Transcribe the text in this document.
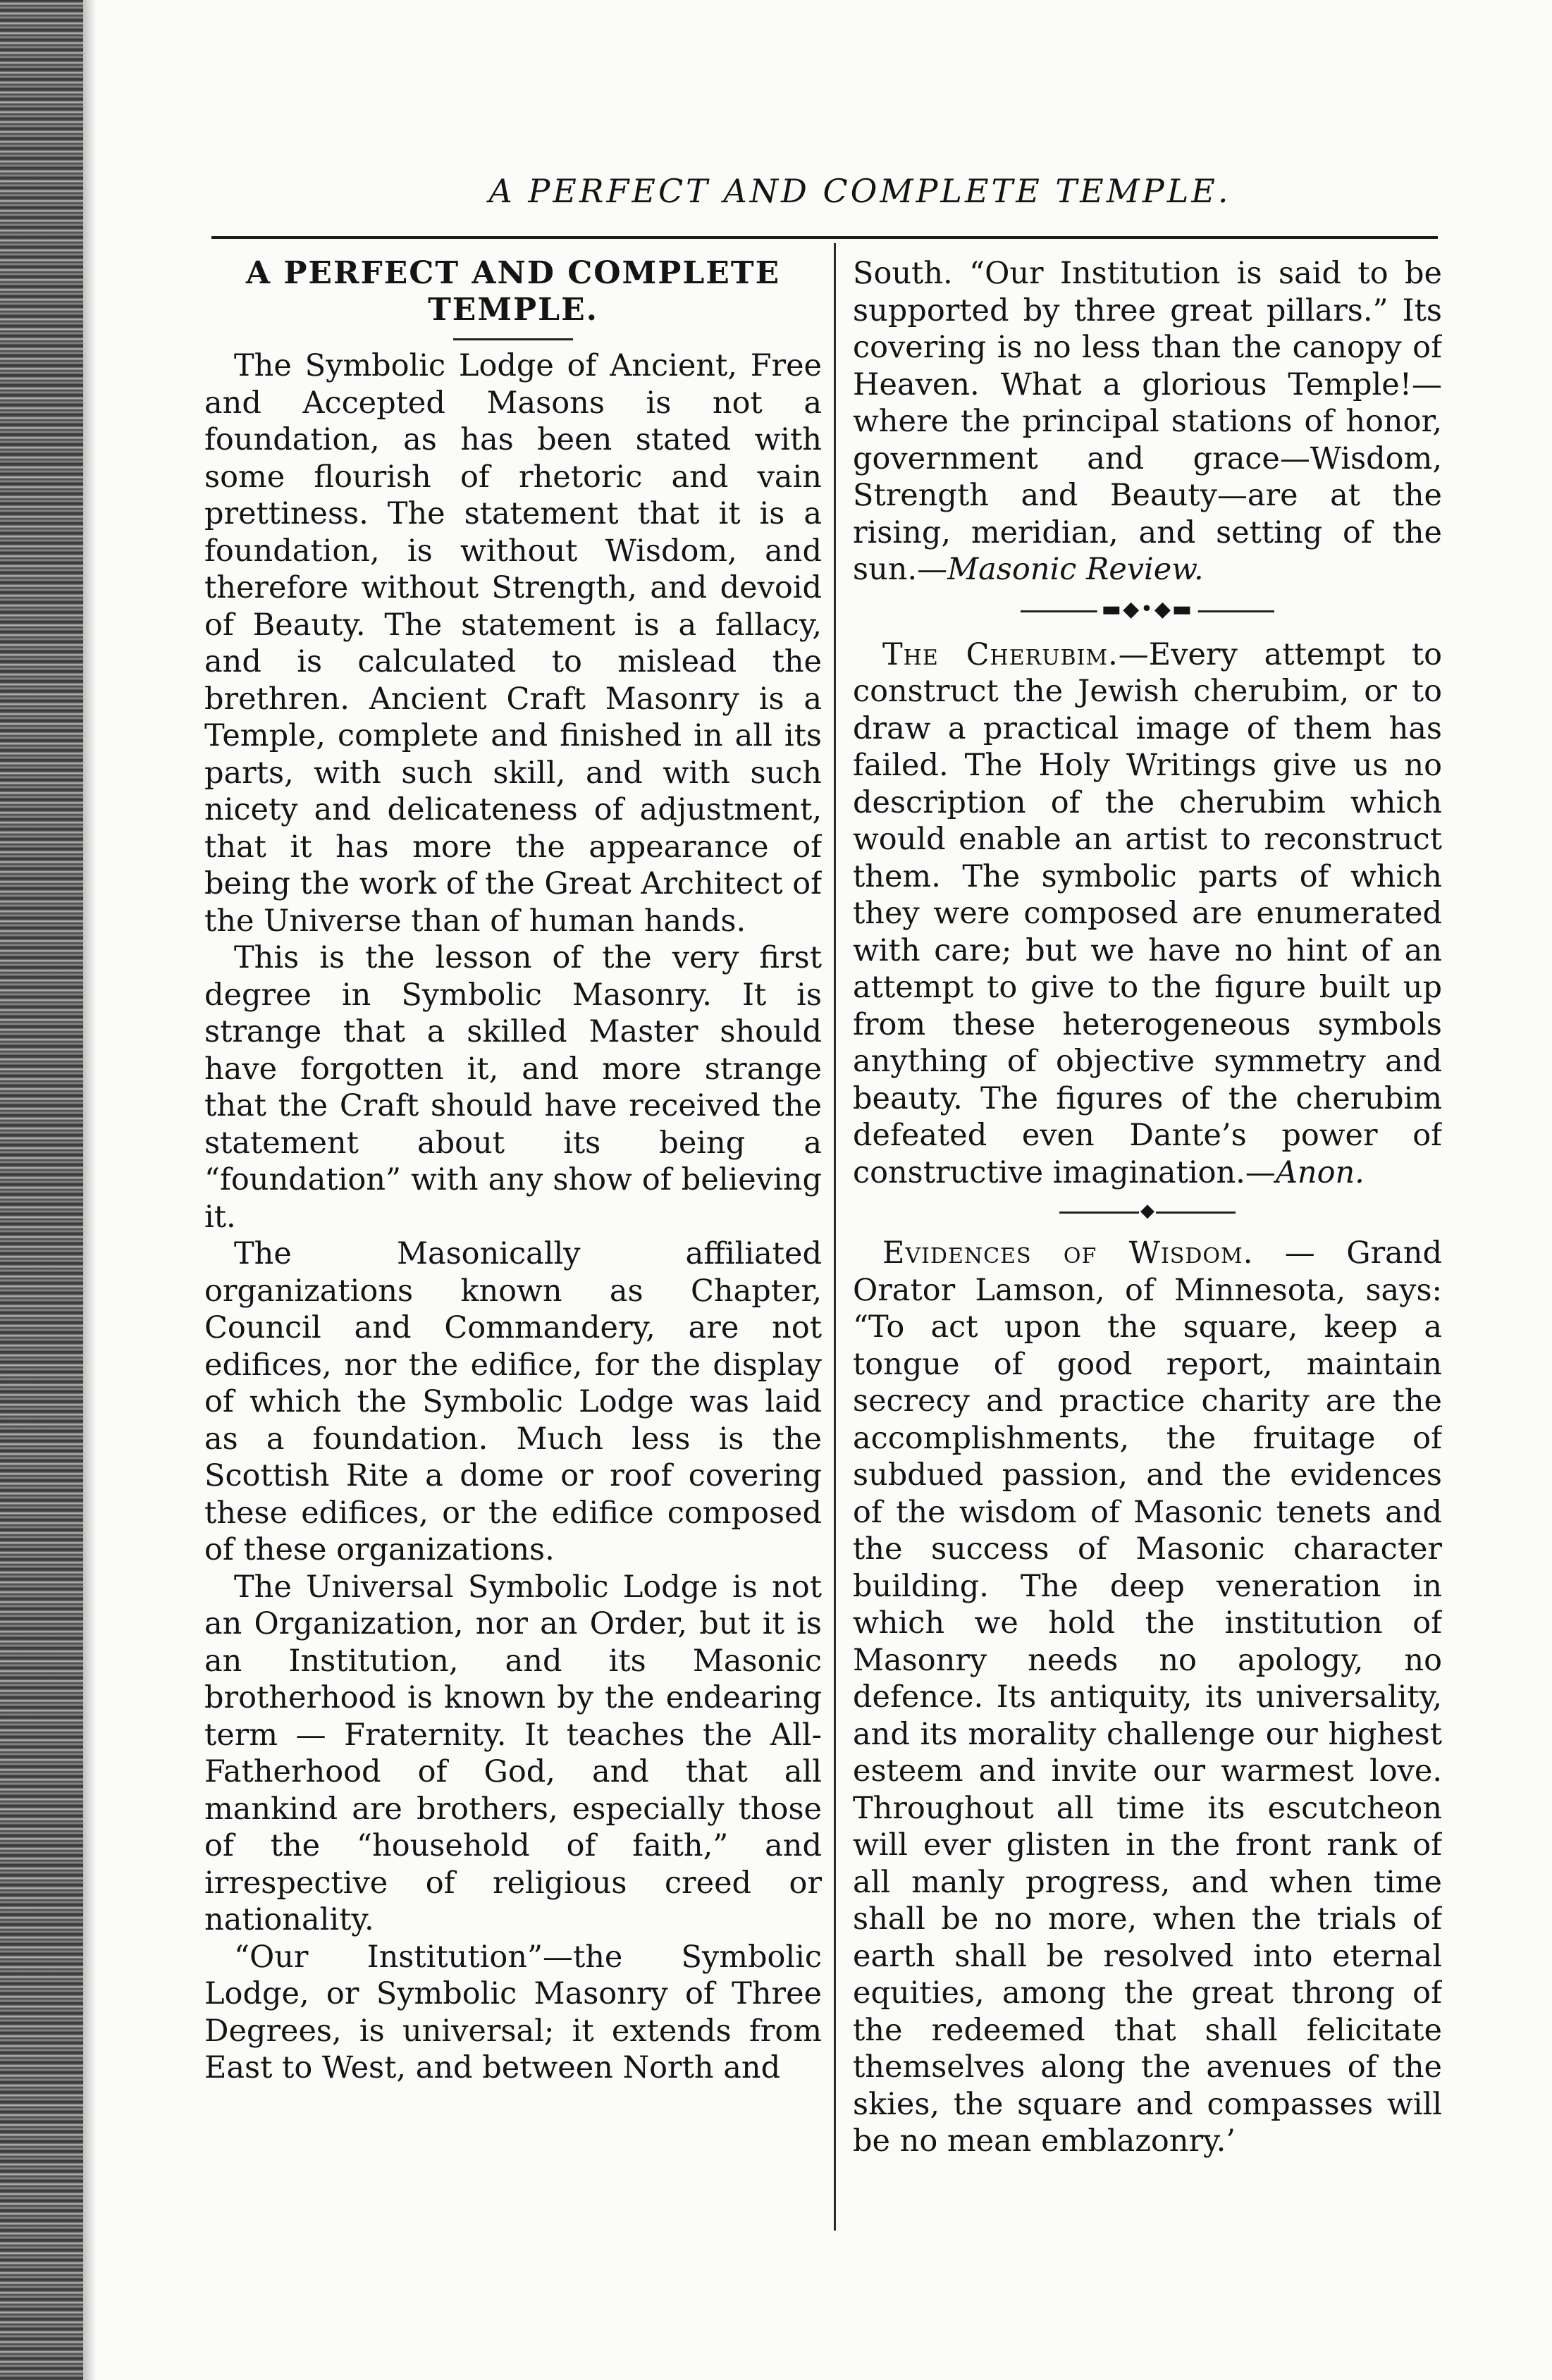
A PERFECT AND COMPLETE TEMPLE.
A PERFECT AND COMPLETE
TEMPLE.

The Symbolic Lodge of Ancient, Free and Accepted Masons is not a foundation, as has been stated with some flourish of rhetoric and vain prettiness. The statement that it is a foundation, is without Wisdom, and therefore without Strength, and devoid of Beauty. The statement is a fallacy, and is calculated to mislead the brethren. Ancient Craft Masonry is a Temple, complete and finished in all its parts, with such skill, and with such nicety and delicateness of adjustment, that it has more the appearance of being the work of the Great Architect of the Universe than of human hands.

This is the lesson of the very first degree in Symbolic Masonry. It is strange that a skilled Master should have forgotten it, and more strange that the Craft should have received the statement about its being a “foundation” with any show of believing it.

The Masonically affiliated organizations known as Chapter, Council and Commandery, are not edifices, nor the edifice, for the display of which the Symbolic Lodge was laid as a foundation. Much less is the Scottish Rite a dome or roof covering these edifices, or the edifice composed of these organizations.

The Universal Symbolic Lodge is not an Organization, nor an Order, but it is an Institution, and its Masonic brotherhood is known by the endearing term — Fraternity. It teaches the All-Fatherhood of God, and that all mankind are brothers, especially those of the “household of faith,” and irrespective of religious creed or nationality.

“Our Institution”—the Symbolic Lodge, or Symbolic Masonry of Three Degrees, is universal; it extends from East to West, and between North and

South. “Our Institution is said to be supported by three great pillars.” Its covering is no less than the canopy of Heaven. What a glorious Temple!—where the principal stations of honor, government and grace—Wisdom, Strength and Beauty—are at the rising, meridian, and setting of the sun.—Masonic Review.

▬◆•◆▬

The Cherubim.—Every attempt to construct the Jewish cherubim, or to draw a practical image of them has failed. The Holy Writings give us no description of the cherubim which would enable an artist to reconstruct them. The symbolic parts of which they were composed are enumerated with care; but we have no hint of an attempt to give to the figure built up from these heterogeneous symbols anything of objective symmetry and beauty. The figures of the cherubim defeated even Dante’s power of constructive imagination.—Anon.

◆

Evidences of Wisdom. — Grand Orator Lamson, of Minnesota, says: “To act upon the square, keep a tongue of good report, maintain secrecy and practice charity are the accomplishments, the fruitage of subdued passion, and the evidences of the wisdom of Masonic tenets and the success of Masonic character building. The deep veneration in which we hold the institution of Masonry needs no apology, no defence. Its antiquity, its universality, and its morality challenge our highest esteem and invite our warmest love. Throughout all time its escutcheon will ever glisten in the front rank of all manly progress, and when time shall be no more, when the trials of earth shall be resolved into eternal equities, among the great throng of the redeemed that shall felicitate themselves along the avenues of the skies, the square and compasses will be no mean emblazonry.’
